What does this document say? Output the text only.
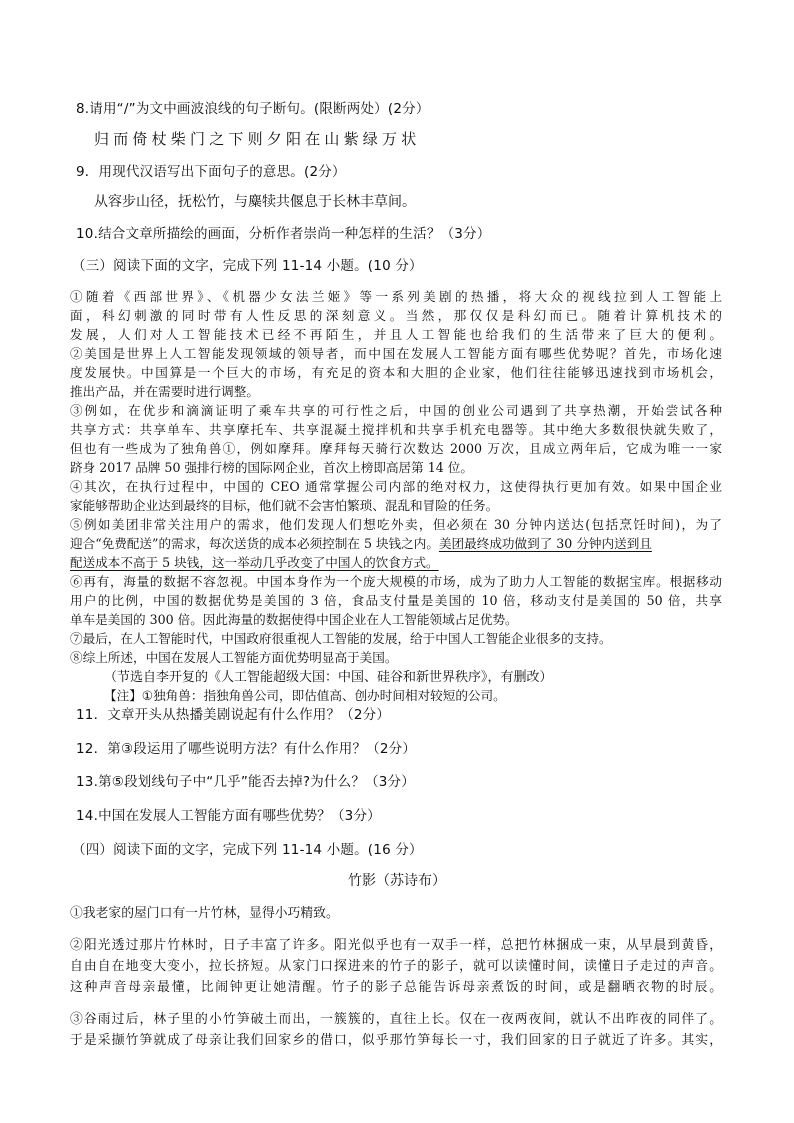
8.请用“/”为文中画波浪线的句子断句。(限断两处）(2分）

归而倚杖柴门之下则夕阳在山紫绿万状

9．用现代汉语写出下面句子的意思。(2分）

从容步山径，抚松竹，与麋犊共偃息于长林丰草间。

10.结合文章所描绘的画面，分析作者崇尚一种怎样的生活？（3分）

（三）阅读下面的文字，完成下列 11-14 小题。(10 分）

①随着《西部世界》、《机器少女法兰姬》等一系列美剧的热播，将大众的视线拉到人工智能上

面，科幻刺激的同时带有人性反思的深刻意义。当然，那仅仅是科幻而已。随着计算机技术的

发展，人们对人工智能技术已经不再陌生，并且人工智能也给我们的生活带来了巨大的便利。

②美国是世界上人工智能发现领域的领导者，而中国在发展人工智能方面有哪些优势呢？首先，市场化速

度发展快。中国算是一个巨大的市场，有充足的资本和大胆的企业家，他们往往能够迅速找到市场机会，

推出产品，并在需要时进行调整。

③例如，在优步和滴滴证明了乘车共享的可行性之后，中国的创业公司遇到了共享热潮，开始尝试各种

共享方式：共享单车、共享摩托车、共享混凝土搅拌机和共享手机充电器等。其中绝大多数很快就失败了，

但也有一些成为了独角兽①，例如摩拜。摩拜每天骑行次数达 2000 万次，且成立两年后，它成为唯一一家

跻身 2017 品牌 50 强排行榜的国际网企业，首次上榜即高居第 14 位。

④其次，在执行过程中，中国的 CEO 通常掌握公司内部的绝对权力，这使得执行更加有效。如果中国企业

家能够帮助企业达到最终的目标，他们就不会害怕繁琐、混乱和冒险的任务。

⑤例如美团非常关注用户的需求，他们发现人们想吃外卖，但必须在 30 分钟内送达(包括烹饪时间)，为了

迎合“免费配送”的需求，每次送货的成本必须控制在 5 块钱之内。美团最终成功做到了 30 分钟内送到且

配送成本不高于 5 块钱，这一举动几乎改变了中国人的饮食方式。

⑥再有，海量的数据不容忽视。中国本身作为一个庞大规模的市场，成为了助力人工智能的数据宝库。根据移动

用户的比例，中国的数据优势是美国的 3 倍，食品支付量是美国的 10 倍，移动支付是美国的 50 倍，共享

单车是美国的 300 倍。因此海量的数据使得中国企业在人工智能领域占足优势。

⑦最后，在人工智能时代，中国政府很重视人工智能的发展，给于中国人工智能企业很多的支持。

⑧综上所述，中国在发展人工智能方面优势明显高于美国。

（节选自李开复的《人工智能超级大国：中国、硅谷和新世界秩序》，有删改）

【注】①独角兽：指独角兽公司，即估值高、创办时间相对较短的公司。

11．文章开头从热播美剧说起有什么作用？（2分）

12．第③段运用了哪些说明方法？有什么作用？（2分）

13.第⑤段划线句子中“几乎”能否去掉?为什么？（3分）

14.中国在发展人工智能方面有哪些优势？（3分）

（四）阅读下面的文字，完成下列 11-14 小题。(16 分）

竹影（苏诗布）

①我老家的屋门口有一片竹林，显得小巧精致。

②阳光透过那片竹林时，日子丰富了许多。阳光似乎也有一双手一样，总把竹林捆成一束，从早晨到黄昏，

自由自在地变大变小，拉长挤短。从家门口探进来的竹子的影子，就可以读懂时间，读懂日子走过的声音。

这种声音母亲最懂，比闹钟更让她清醒。竹子的影子总能告诉母亲煮饭的时间，或是翻晒衣物的时辰。

③谷雨过后，林子里的小竹笋破土而出，一簇簇的，直往上长。仅在一夜两夜间，就认不出昨夜的同伴了。

于是采撷竹笋就成了母亲让我们回家乡的借口，似乎那竹笋每长一寸，我们回家的日子就近了许多。其实，
